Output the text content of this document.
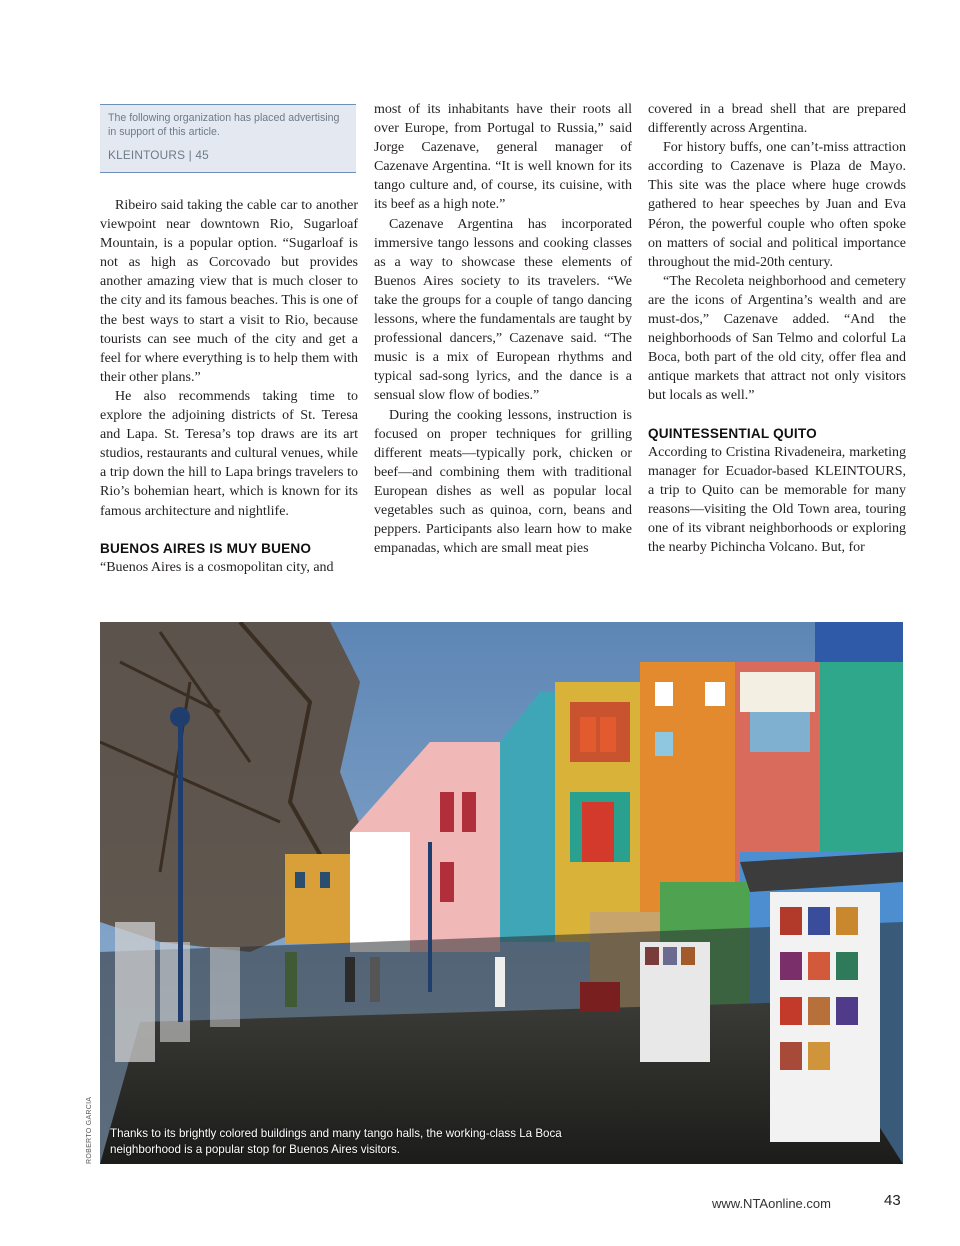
The following organization has placed advertising in support of this article.
KLEINTOURS | 45

Ribeiro said taking the cable car to another viewpoint near downtown Rio, Sugarloaf Mountain, is a popular option. “Sugarloaf is not as high as Corcovado but provides another amazing view that is much closer to the city and its famous beaches. This is one of the best ways to start a visit to Rio, because tourists can see much of the city and get a feel for where everything is to help them with their other plans.”

He also recommends taking time to explore the adjoining districts of St. Teresa and Lapa. St. Teresa’s top draws are its art studios, restaurants and cultural venues, while a trip down the hill to Lapa brings travelers to Rio’s bohemian heart, which is known for its famous architecture and nightlife.

BUENOS AIRES IS MUY BUENO

“Buenos Aires is a cosmopolitan city, and

most of its inhabitants have their roots all over Europe, from Portugal to Russia,” said Jorge Cazenave, general manager of Cazenave Argentina. “It is well known for its tango culture and, of course, its cuisine, with its beef as a high note.”

Cazenave Argentina has incorporated immersive tango lessons and cooking classes as a way to showcase these elements of Buenos Aires society to its travelers. “We take the groups for a couple of tango dancing lessons, where the fundamentals are taught by professional dancers,” Cazenave said. “The music is a mix of European rhythms and typical sad-song lyrics, and the dance is a sensual slow flow of bodies.”

During the cooking lessons, instruction is focused on proper techniques for grilling different meats—typically pork, chicken or beef—and combining them with traditional European dishes as well as popular local vegetables such as quinoa, corn, beans and peppers. Participants also learn how to make empanadas, which are small meat pies

covered in a bread shell that are prepared differently across Argentina.

For history buffs, one can’t-miss attraction according to Cazenave is Plaza de Mayo. This site was the place where huge crowds gathered to hear speeches by Juan and Eva Péron, the powerful couple who often spoke on matters of social and political importance throughout the mid-20th century.

“The Recoleta neighborhood and cemetery are the icons of Argentina’s wealth and are must-dos,” Cazenave added. “And the neighborhoods of San Telmo and colorful La Boca, both part of the old city, offer flea and antique markets that attract not only visitors but locals as well.”

QUINTESSENTIAL QUITO

According to Cristina Rivadeneira, marketing manager for Ecuador-based KLEINTOURS, a trip to Quito can be memorable for many reasons—visiting the Old Town area, touring one of its vibrant neighborhoods or exploring the nearby Pichincha Volcano. But, for

Thanks to its brightly colored buildings and many tango halls, the working-class La Boca neighborhood is a popular stop for Buenos Aires visitors.
ROBERTO GARCIA
www.NTAonline.com	43
